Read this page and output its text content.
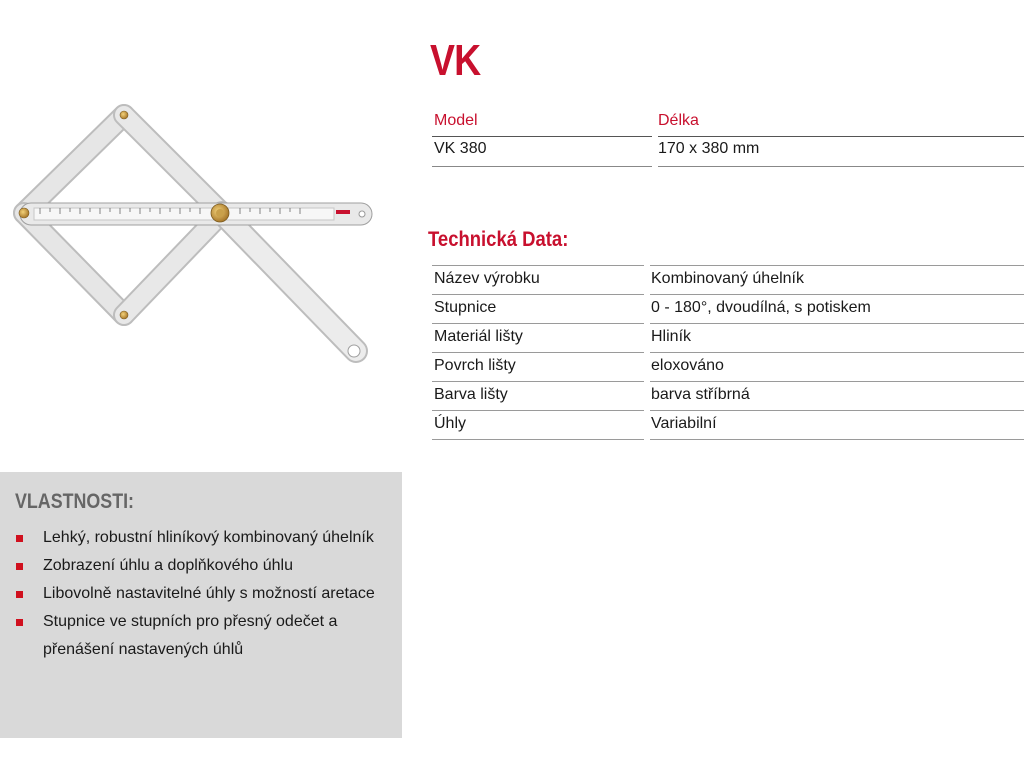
VK
Model	Délka
VK 380	170 x 380 mm
Technická Data:
Název výrobku	Kombinovaný úhelník
Stupnice	0 - 180°, dvoudílná, s potiskem
Materiál lišty	Hliník
Povrch lišty	eloxováno
Barva lišty	barva stříbrná
Úhly	Variabilní
VLASTNOSTI:
Lehký, robustní hliníkový kombinovaný úhelník
Zobrazení úhlu a doplňkového úhlu
Libovolně nastavitelné úhly s možností aretace
Stupnice ve stupních pro přesný odečet a přenášení nastavených úhlů
